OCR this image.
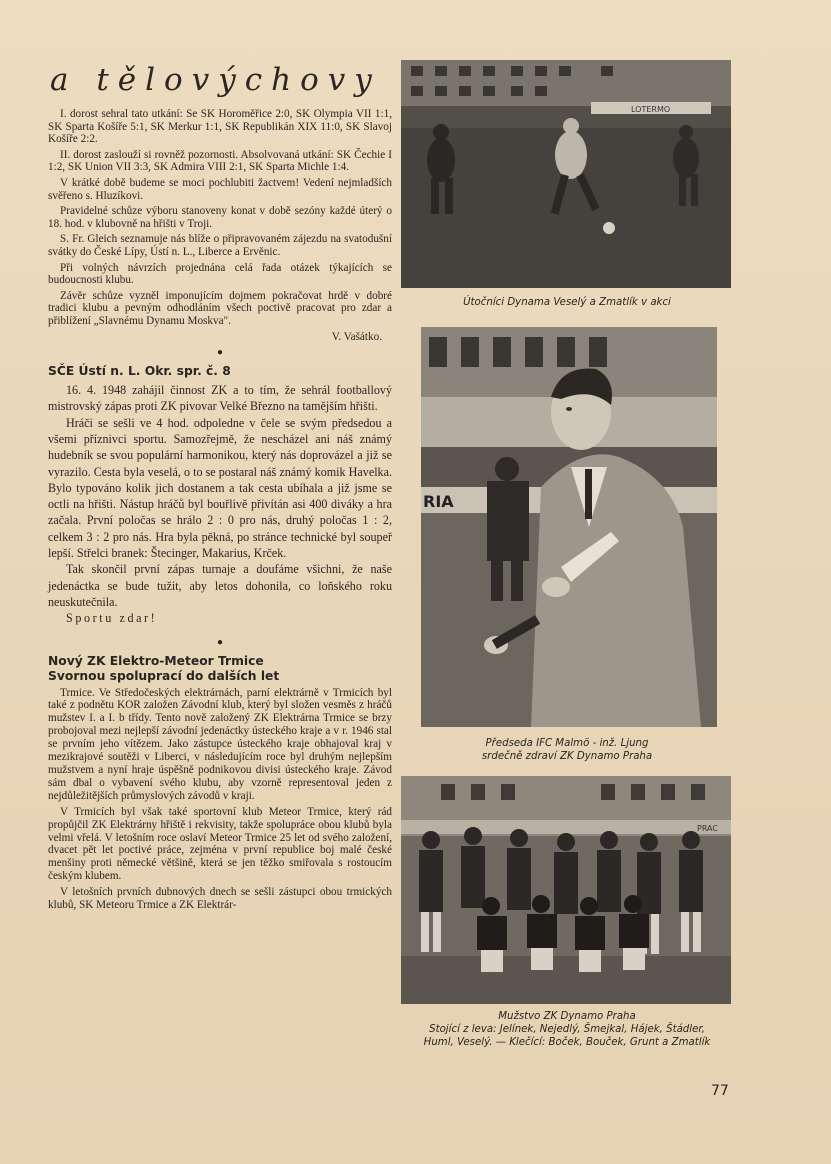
a tělovýchovy

I. dorost sehral tato utkání: Se SK Horoměřice 2:0, SK Olympia VII 1:1, SK Sparta Košíře 5:1, SK Merkur 1:1, SK Republikán XIX 11:0, SK Slavoj Košíře 2:2.

II. dorost zaslouží si rovněž pozornosti. Absolvovaná utkání: SK Čechie I 1:2, SK Union VII 3:3, SK Admira VIII 2:1, SK Sparta Michle 1:4.

V krátké době budeme se moci pochlubiti žactvem! Vedení nejmladších svěřeno s. Hluzíkovi.

Pravidelné schůze výboru stanoveny konat v době sezóny každé úterý o 18. hod. v klubovně na hřišti v Troji.

S. Fr. Gleich seznamuje nás blíže o připravovaném zájezdu na svatodušní svátky do České Lípy, Ústí n. L., Liberce a Ervěnic.

Při volných návrzích projednána celá řada otázek týkajících se budoucnosti klubu.

Závěr schůze vyzněl imponujícím dojmem pokračovat hrdě v dobré tradici klubu a pevným odhodláním všech poctivě pracovat pro zdar a přiblížení „Slavnému Dynamu Moskva".

V. Vašátko.
●
SČE Ústí n. L. Okr. spr. č. 8

16. 4. 1948 zahájil činnost ZK a to tím, že sehrál footballový mistrovský zápas proti ZK pivovar Velké Březno na tamějším hřišti.

Hráči se sešli ve 4 hod. odpoledne v čele se svým předsedou a všemi příznivci sportu. Samozřejmě, že nescházel ani náš známý hudebník se svou populární harmonikou, který nás doprovázel a již se vyrazilo. Cesta byla veselá, o to se postaral náš známý komik Havelka. Bylo typováno kolik jich dostanem a tak cesta ubíhala a již jsme se octli na hřišti. Nástup hráčů byl bouřlivě přivítán asi 400 diváky a hra začala. První poločas se hrálo 2 : 0 pro nás, druhý poločas 1 : 2, celkem 3 : 2 pro nás. Hra byla pěkná, po stránce technické byl soupeř lepší. Střelci branek: Štecinger, Makarius, Krček.

Tak skončil první zápas turnaje a doufáme všichni, že naše jedenáctka se bude tužit, aby letos dohonila, co loňského roku neuskutečnila.

Sportu zdar!

●
Nový ZK Elektro-Meteor Trmice
Svornou spoluprací do dalších let

Trmice. Ve Středočeských elektrárnách, parní elektrárně v Trmicích byl také z podnětu KOR založen Závodní klub, který byl složen vesměs z hráčů mužstev I. a I. b třídy. Tento nově založený ZK Elektrárna Trmice se brzy probojoval mezi nejlepší závodní jedenáctky ústeckého kraje a v r. 1946 stal se prvním jeho vítězem. Jako zástupce ústeckého kraje obhajoval kraj v mezikrajové soutěži v Liberci, v následujícím roce byl druhým nejlepším mužstvem a nyní hraje úspěšně podnikovou divisi ústeckého kraje. Závod sám dbal o vybavení svého klubu, aby vzorně representoval jeden z nejdůležitějších průmyslových závodů v kraji.

V Trmicích byl však také sportovní klub Meteor Trmice, který rád propůjčil ZK Elektrárny hřiště i rekvisity, takže spolupráce obou klubů byla velmi vřelá. V letošním roce oslaví Meteor Trmice 25 let od svého založení, dvacet pět let poctivé práce, zejména v první republice boj malé české menšiny proti německé většině, která se jen těžko smiřovala s rostoucím českým klubem.

V letošních prvních dubnových dnech se sešli zástupci obou trmických klubů, SK Meteoru Trmice a ZK Elektrár-

LOTERMO

Útočníci Dynama Veselý a Zmatlík v akci

RIA

Předseda IFC Malmö - inž. Ljung

srdečně zdraví ZK Dynamo Praha

PRAC

Mužstvo ZK Dynamo Praha

Stojící z leva: Jelínek, Nejedlý, Šmejkal, Hájek, Štádler,

Huml, Veselý. — Klečící: Boček, Bouček, Grunt a Zmatlík

77
